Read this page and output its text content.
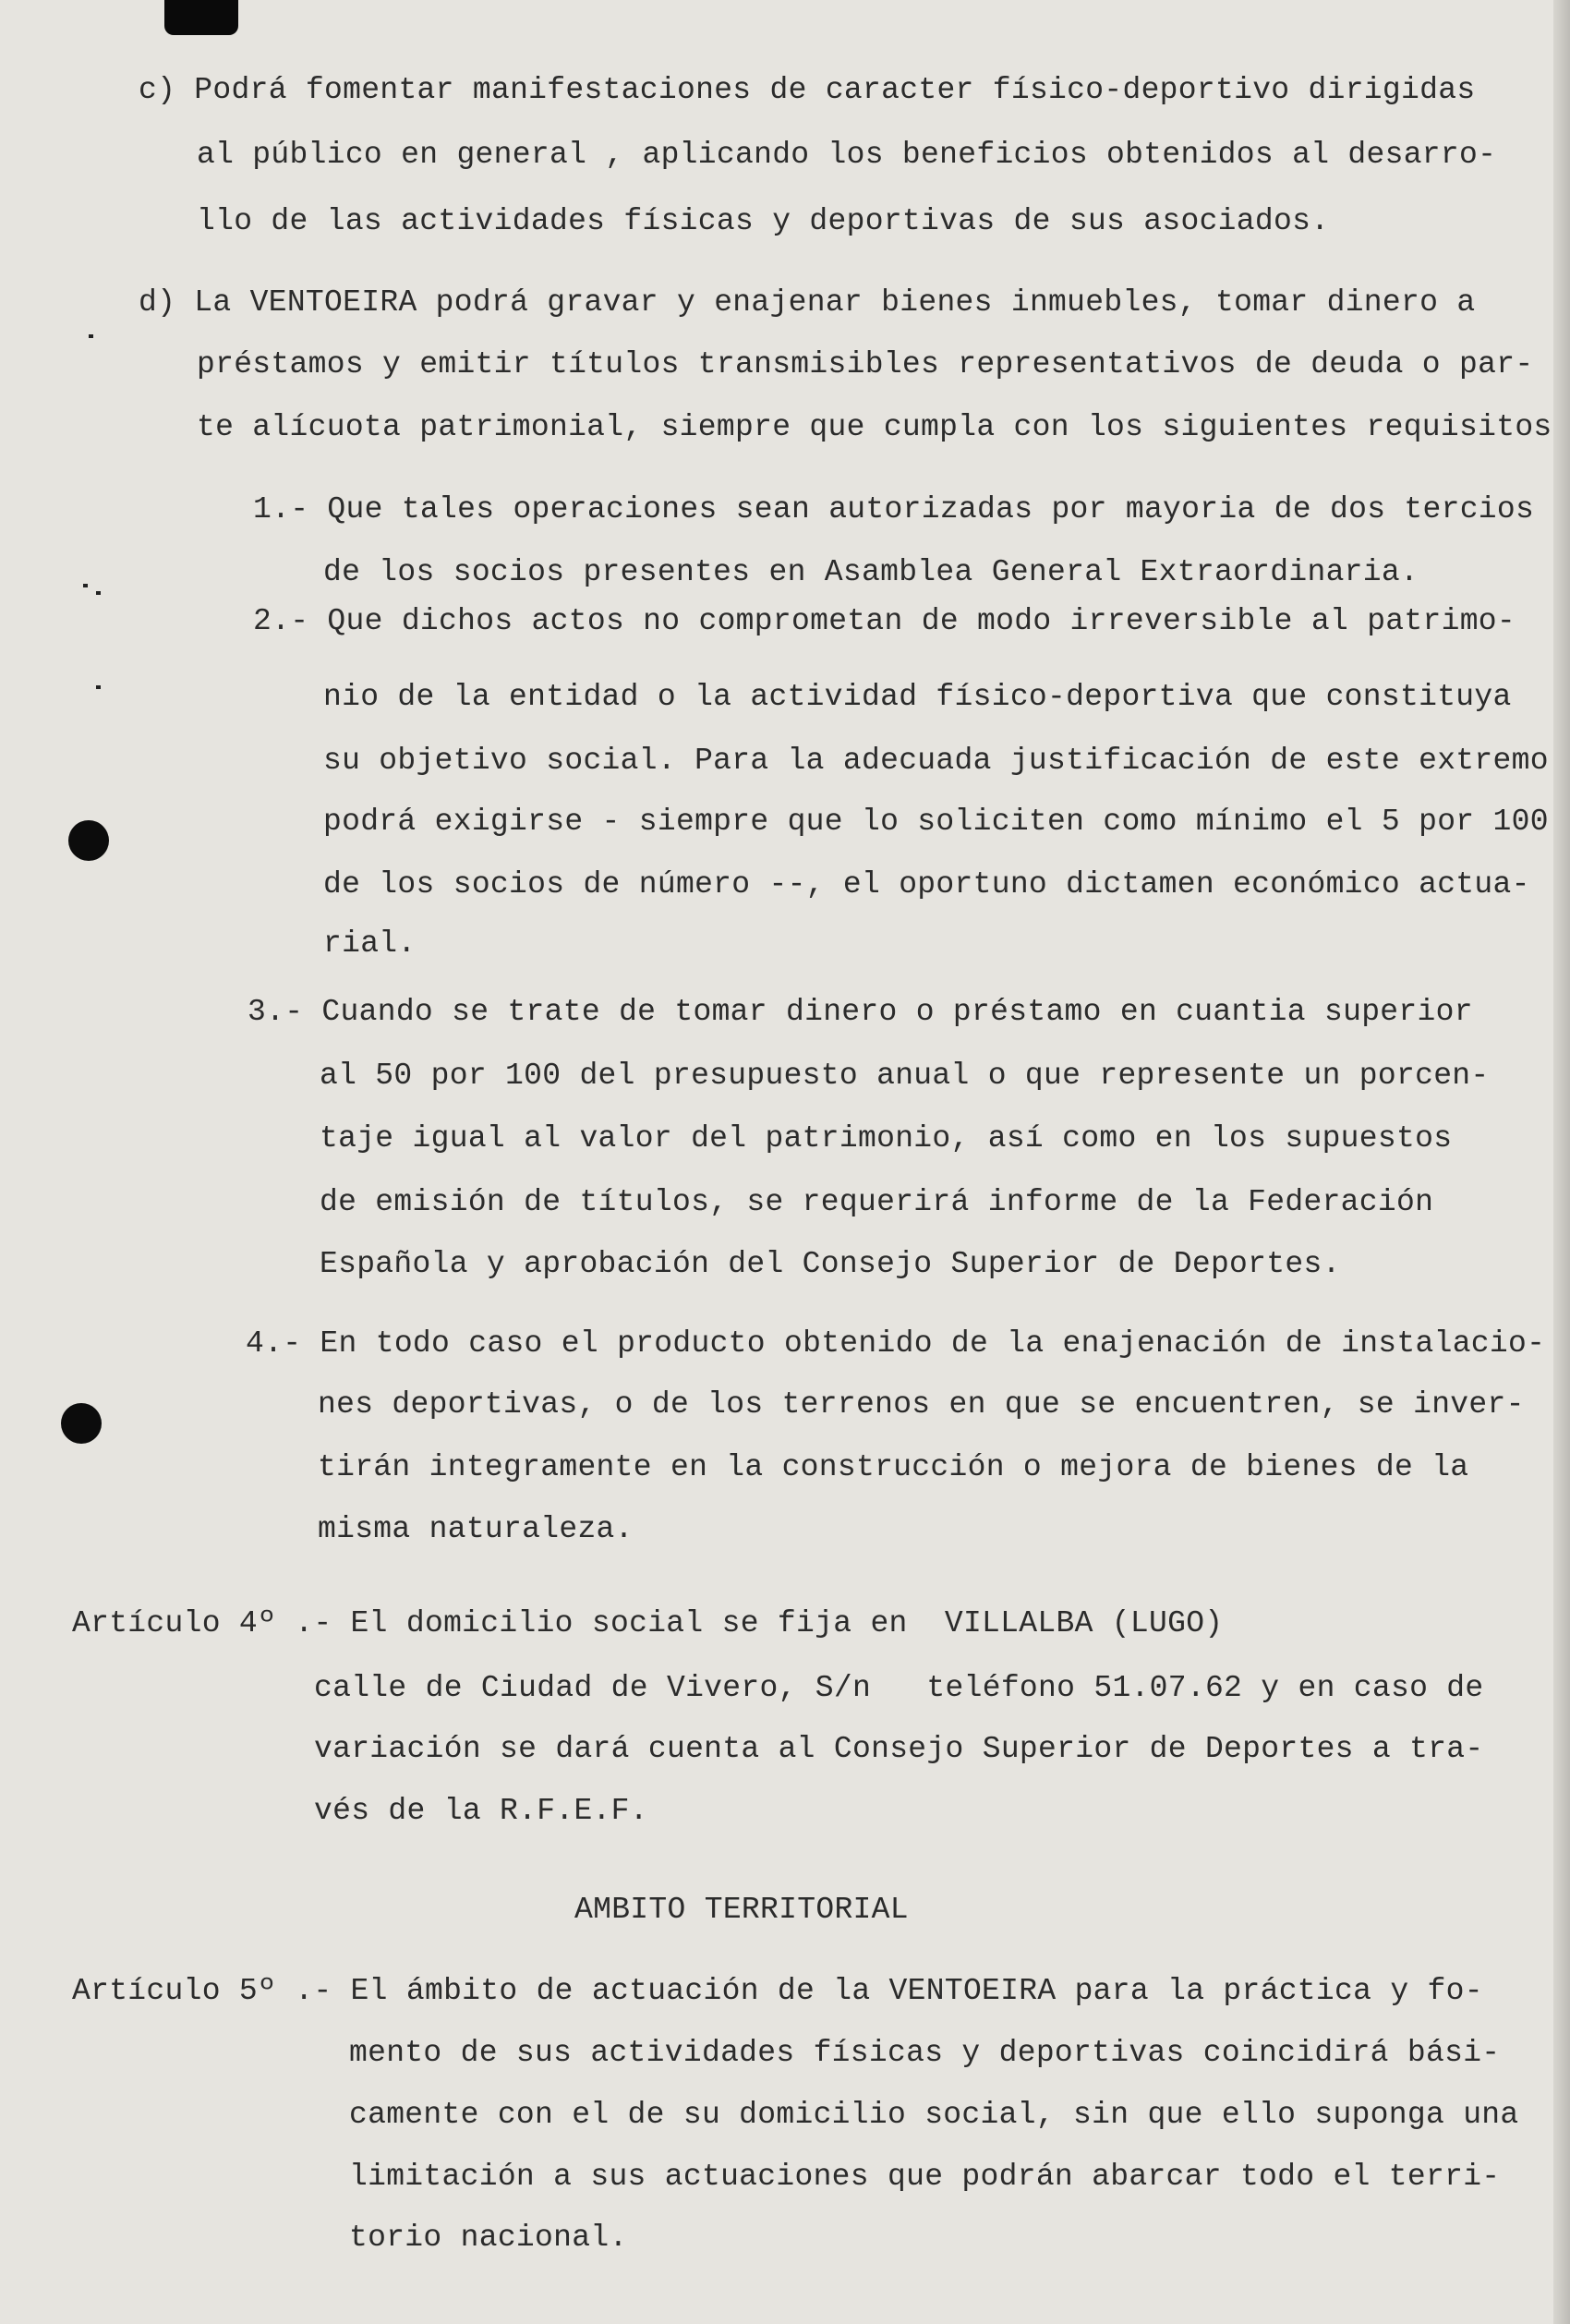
c) Podrá fomentar manifestaciones de caracter físico-deportivo dirigidas
al público en general , aplicando los beneficios obtenidos al desarro-
llo de las actividades físicas y deportivas de sus asociados.
d) La VENTOEIRA podrá gravar y enajenar bienes inmuebles, tomar dinero a
préstamos y emitir títulos transmisibles representativos de deuda o par-
te alícuota patrimonial, siempre que cumpla con los siguientes requisitos
1.- Que tales operaciones sean autorizadas por mayoria de dos tercios
de los socios presentes en Asamblea General Extraordinaria.
2.- Que dichos actos no comprometan de modo irreversible al patrimo-
nio de la entidad o la actividad físico-deportiva que constituya
su objetivo social. Para la adecuada justificación de este extremo
podrá exigirse - siempre que lo soliciten como mínimo el 5 por 100
de los socios de número --, el oportuno dictamen económico actua-
rial.
3.- Cuando se trate de tomar dinero o préstamo en cuantia superior
al 50 por 100 del presupuesto anual o que represente un porcen-
taje igual al valor del patrimonio, así como en los supuestos
de emisión de títulos, se requerirá informe de la Federación
Española y aprobación del Consejo Superior de Deportes.
4.- En todo caso el producto obtenido de la enajenación de instalacio-
nes deportivas, o de los terrenos en que se encuentren, se inver-
tirán integramente en la construcción o mejora de bienes de la
misma naturaleza.
Artículo 4º .- El domicilio social se fija en  VILLALBA (LUGO)
calle de Ciudad de Vivero, S/n   teléfono 51.07.62 y en caso de
variación se dará cuenta al Consejo Superior de Deportes a tra-
vés de la R.F.E.F.
AMBITO TERRITORIAL
Artículo 5º .- El ámbito de actuación de la VENTOEIRA para la práctica y fo-
mento de sus actividades físicas y deportivas coincidirá bási-
camente con el de su domicilio social, sin que ello suponga una
limitación a sus actuaciones que podrán abarcar todo el terri-
torio nacional.
